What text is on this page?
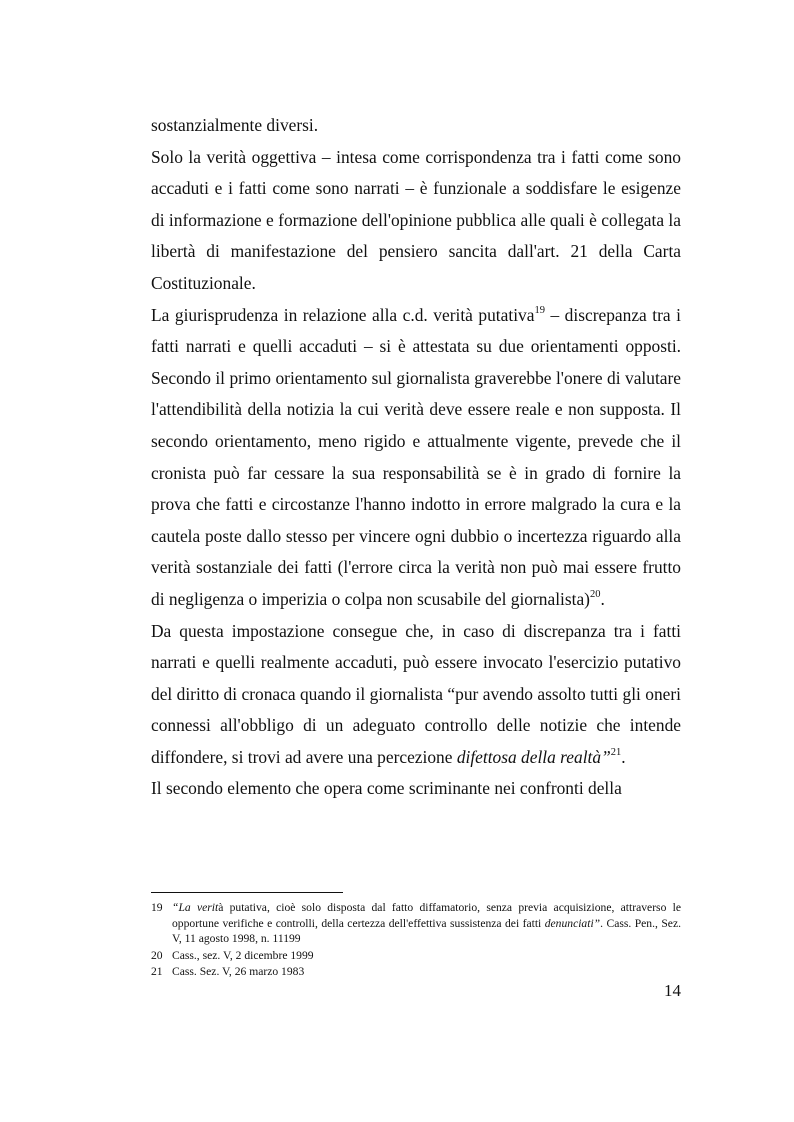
sostanzialmente diversi.

Solo la verità oggettiva – intesa come corrispondenza tra i fatti come sono accaduti e i fatti come sono narrati – è funzionale a soddisfare le esigenze di informazione e formazione dell'opinione pubblica alle quali è collegata la libertà di manifestazione del pensiero sancita dall'art. 21 della Carta Costituzionale.

La giurisprudenza in relazione alla c.d. verità putativa$^{19}$ – discrepanza tra i fatti narrati e quelli accaduti – si è attestata su due orientamenti opposti. Secondo il primo orientamento sul giornalista graverebbe l'onere di valutare l'attendibilità della notizia la cui verità deve essere reale e non supposta. Il secondo orientamento, meno rigido e attualmente vigente, prevede che il cronista può far cessare la sua responsabilità se è in grado di fornire la prova che fatti e circostanze l'hanno indotto in errore malgrado la cura e la cautela poste dallo stesso per vincere ogni dubbio o incertezza riguardo alla verità sostanziale dei fatti (l'errore circa la verità non può mai essere frutto di negligenza o imperizia o colpa non scusabile del giornalista)$^{20}$.

Da questa impostazione consegue che, in caso di discrepanza tra i fatti narrati e quelli realmente accaduti, può essere invocato l'esercizio putativo del diritto di cronaca quando il giornalista “pur avendo assolto tutti gli oneri connessi all'obbligo di un adeguato controllo delle notizie che intende diffondere, si trovi ad avere una percezione difettosa della realtà”$^{21}$.

Il secondo elemento che opera come scriminante nei confronti della

19 “La verità putativa, cioè solo disposta dal fatto diffamatorio, senza previa acquisizione, attraverso le opportune verifiche e controlli, della certezza dell'effettiva sussistenza dei fatti denunciati”. Cass. Pen., Sez. V, 11 agosto 1998, n. 11199
20 Cass., sez. V, 2 dicembre 1999
21 Cass. Sez. V, 26 marzo 1983
14
